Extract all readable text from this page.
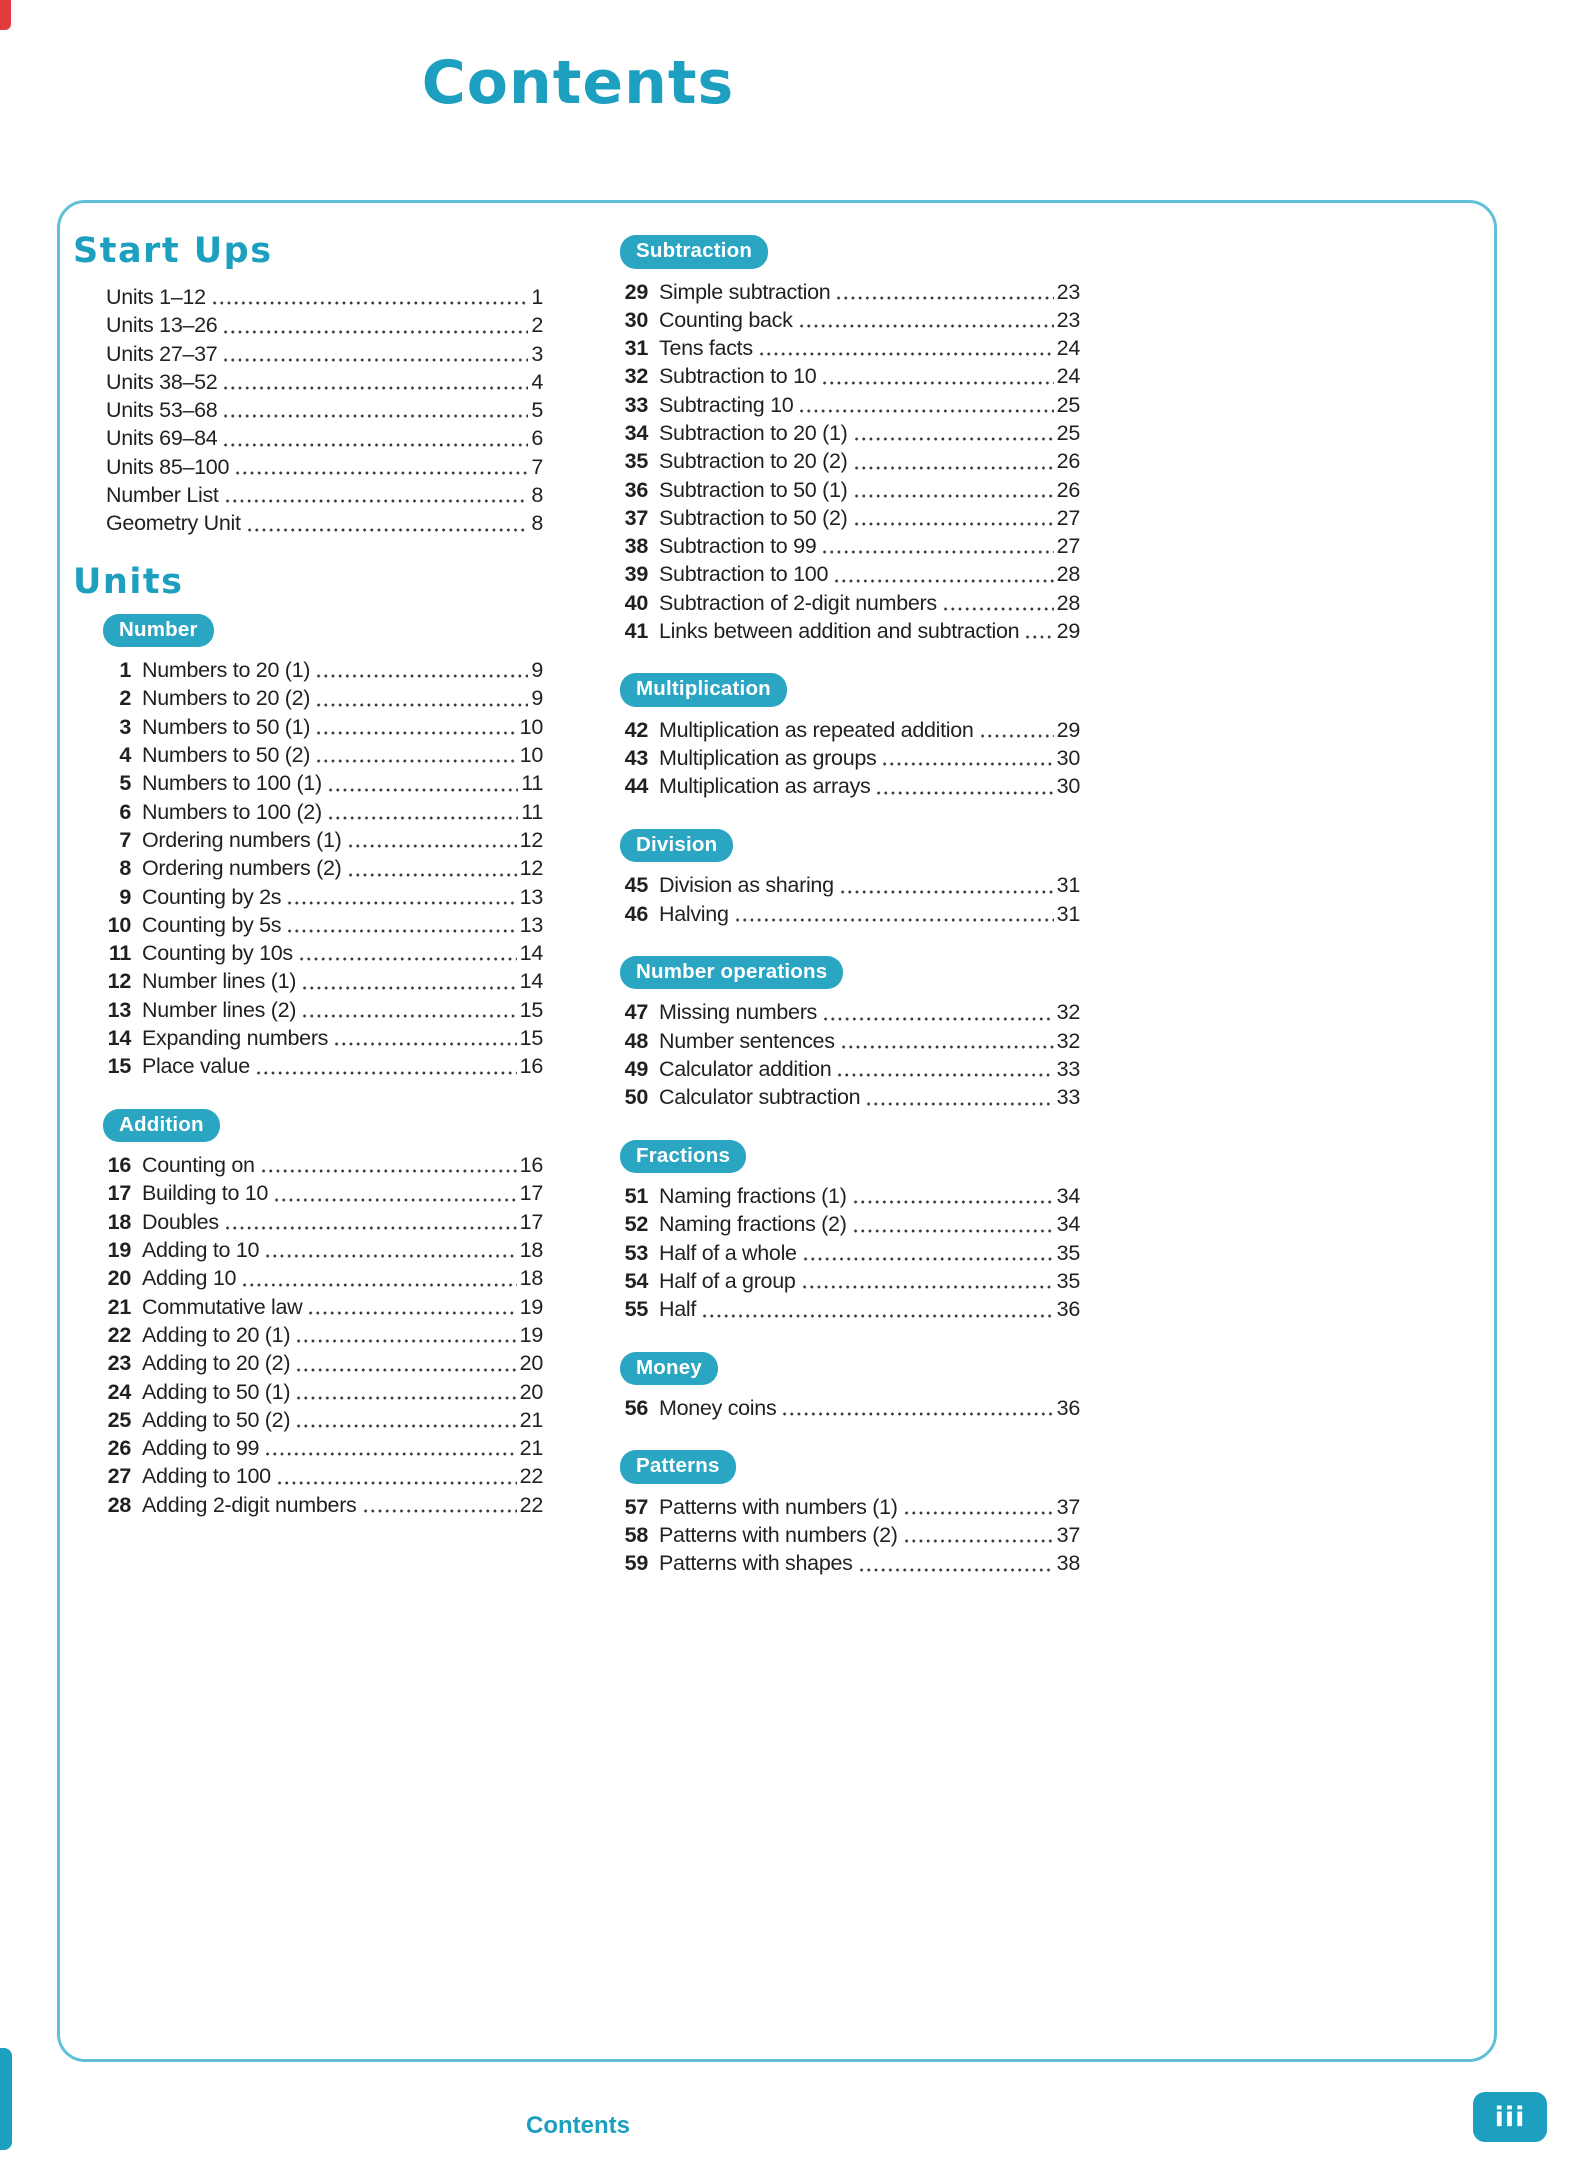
Contents
Start Ups
Units 1–12	1
Units 13–26	2
Units 27–37	3
Units 38–52	4
Units 53–68	5
Units 69–84	6
Units 85–100	7
Number List	8
Geometry Unit	8
Units
Number
1 Numbers to 20 (1)	9
2 Numbers to 20 (2)	9
3 Numbers to 50 (1)	10
4 Numbers to 50 (2)	10
5 Numbers to 100 (1)	11
6 Numbers to 100 (2)	11
7 Ordering numbers (1)	12
8 Ordering numbers (2)	12
9 Counting by 2s	13
10 Counting by 5s	13
11 Counting by 10s	14
12 Number lines (1)	14
13 Number lines (2)	15
14 Expanding numbers	15
15 Place value	16
Addition
16 Counting on	16
17 Building to 10	17
18 Doubles	17
19 Adding to 10	18
20 Adding 10	18
21 Commutative law	19
22 Adding to 20 (1)	19
23 Adding to 20 (2)	20
24 Adding to 50 (1)	20
25 Adding to 50 (2)	21
26 Adding to 99	21
27 Adding to 100	22
28 Adding 2-digit numbers	22
Subtraction
29 Simple subtraction	23
30 Counting back	23
31 Tens facts	24
32 Subtraction to 10	24
33 Subtracting 10	25
34 Subtraction to 20 (1)	25
35 Subtraction to 20 (2)	26
36 Subtraction to 50 (1)	26
37 Subtraction to 50 (2)	27
38 Subtraction to 99	27
39 Subtraction to 100	28
40 Subtraction of 2-digit numbers	28
41 Links between addition and subtraction 29
Multiplication
42 Multiplication as repeated addition	29
43 Multiplication as groups	30
44 Multiplication as arrays	30
Division
45 Division as sharing	31
46 Halving	31
Number operations
47 Missing numbers	32
48 Number sentences	32
49 Calculator addition	33
50 Calculator subtraction	33
Fractions
51 Naming fractions (1)	34
52 Naming fractions (2)	34
53 Half of a whole	35
54 Half of a group	35
55 Half	36
Money
56 Money coins	36
Patterns
57 Patterns with numbers (1)	37
58 Patterns with numbers (2)	37
59 Patterns with shapes	38
Contents	iii
